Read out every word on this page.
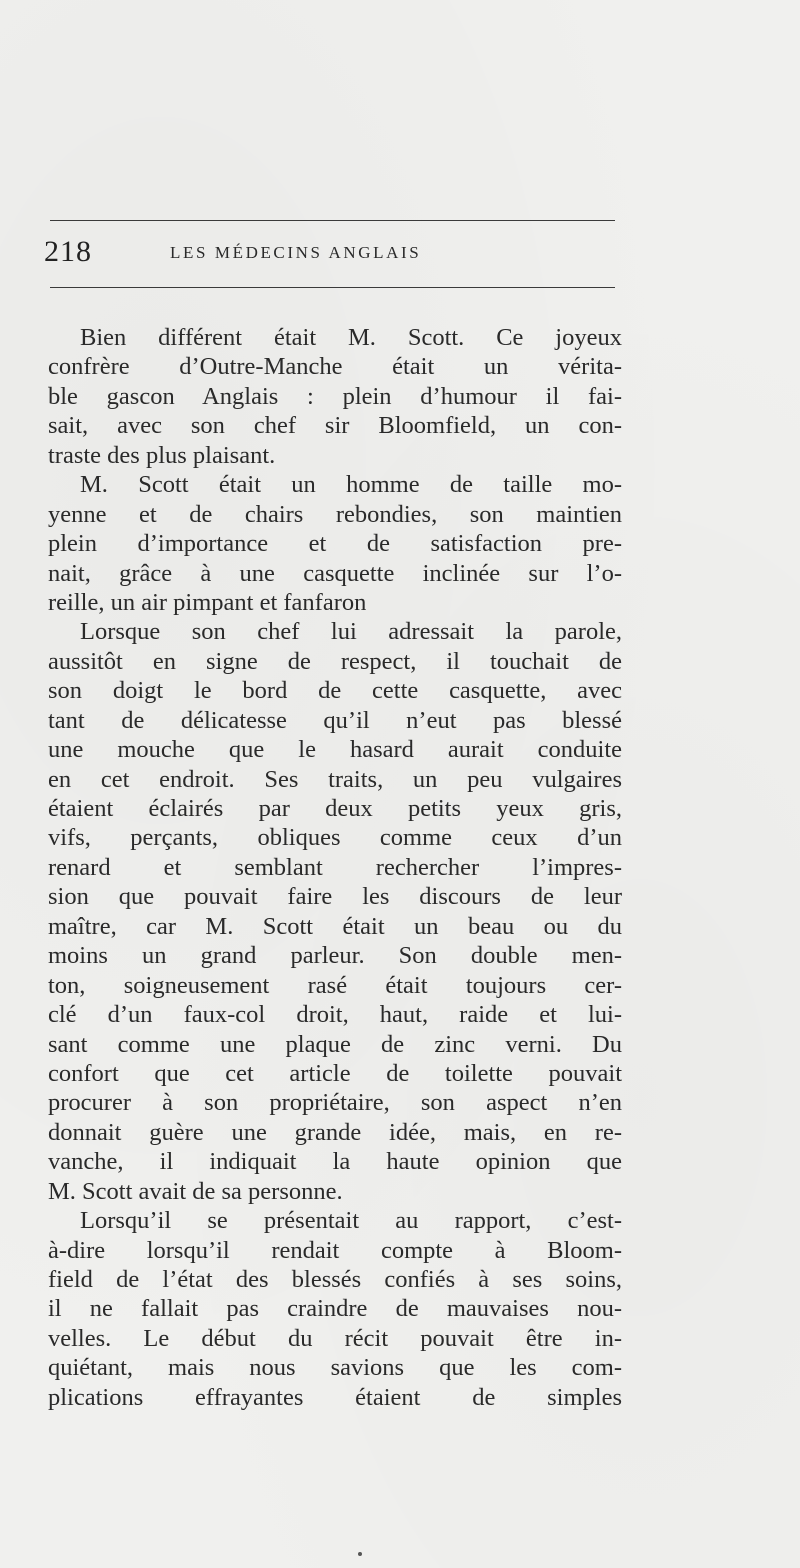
218	LES MÉDECINS ANGLAIS
Bien différent était M. Scott. Ce joyeux
confrère d’Outre-Manche était un vérita-
ble gascon Anglais : plein d’humour il fai-
sait, avec son chef sir Bloomfield, un con-
traste des plus plaisant.
M. Scott était un homme de taille mo-
yenne et de chairs rebondies, son maintien
plein d’importance et de satisfaction pre-
nait, grâce à une casquette inclinée sur l’o-
reille, un air pimpant et fanfaron
Lorsque son chef lui adressait la parole,
aussitôt en signe de respect, il touchait de
son doigt le bord de cette casquette, avec
tant de délicatesse qu’il n’eut pas blessé
une mouche que le hasard aurait conduite
en cet endroit. Ses traits, un peu vulgaires
étaient éclairés par deux petits yeux gris,
vifs, perçants, obliques comme ceux d’un
renard et semblant rechercher l’impres-
sion que pouvait faire les discours de leur
maître, car M. Scott était un beau ou du
moins un grand parleur. Son double men-
ton, soigneusement rasé était toujours cer-
clé d’un faux-col droit, haut, raide et lui-
sant comme une plaque de zinc verni. Du
confort que cet article de toilette pouvait
procurer à son propriétaire, son aspect n’en
donnait guère une grande idée, mais, en re-
vanche, il indiquait la haute opinion que
M. Scott avait de sa personne.
Lorsqu’il se présentait au rapport, c’est-
à-dire lorsqu’il rendait compte à Bloom-
field de l’état des blessés confiés à ses soins,
il ne fallait pas craindre de mauvaises nou-
velles. Le début du récit pouvait être in-
quiétant, mais nous savions que les com-
plications effrayantes étaient de simples
